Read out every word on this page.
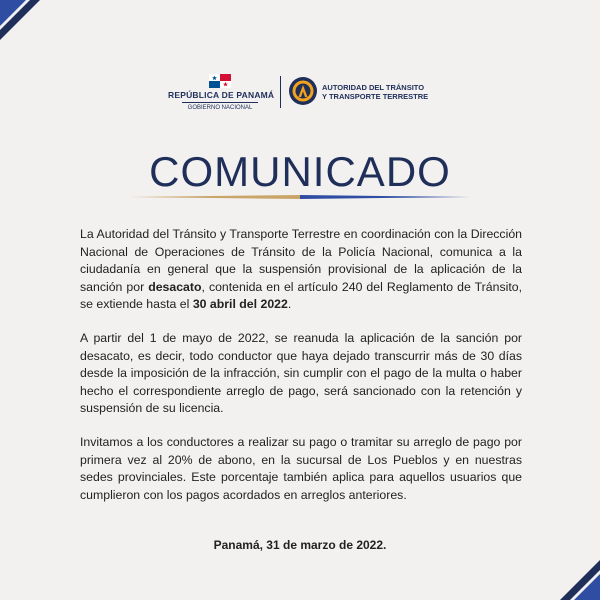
REPÚBLICA DE PANAMÁ
GOBIERNO NACIONAL
AUTORIDAD DEL TRÁNSITO
Y TRANSPORTE TERRESTRE
COMUNICADO

La Autoridad del Tránsito y Transporte Terrestre en coordinación con la Dirección Nacional de Operaciones de Tránsito de la Policía Nacional, comunica a la ciudadanía en general que la suspensión provisional de la aplicación de la sanción por desacato, contenida en el artículo 240 del Reglamento de Tránsito, se extiende hasta el 30 abril del 2022.

A partir del 1 de mayo de 2022, se reanuda la aplicación de la sanción por desacato, es decir, todo conductor que haya dejado transcurrir más de 30 días desde la imposición de la infracción, sin cumplir con el pago de la multa o haber hecho el correspondiente arreglo de pago, será sancionado con la retención y suspensión de su licencia.

Invitamos a los conductores a realizar su pago o tramitar su arreglo de pago por primera vez al 20% de abono, en la sucursal de Los Pueblos y en nuestras sedes provinciales. Este porcentaje también aplica para aquellos usuarios que cumplieron con los pagos acordados en arreglos anteriores.

Panamá, 31 de marzo de 2022.
